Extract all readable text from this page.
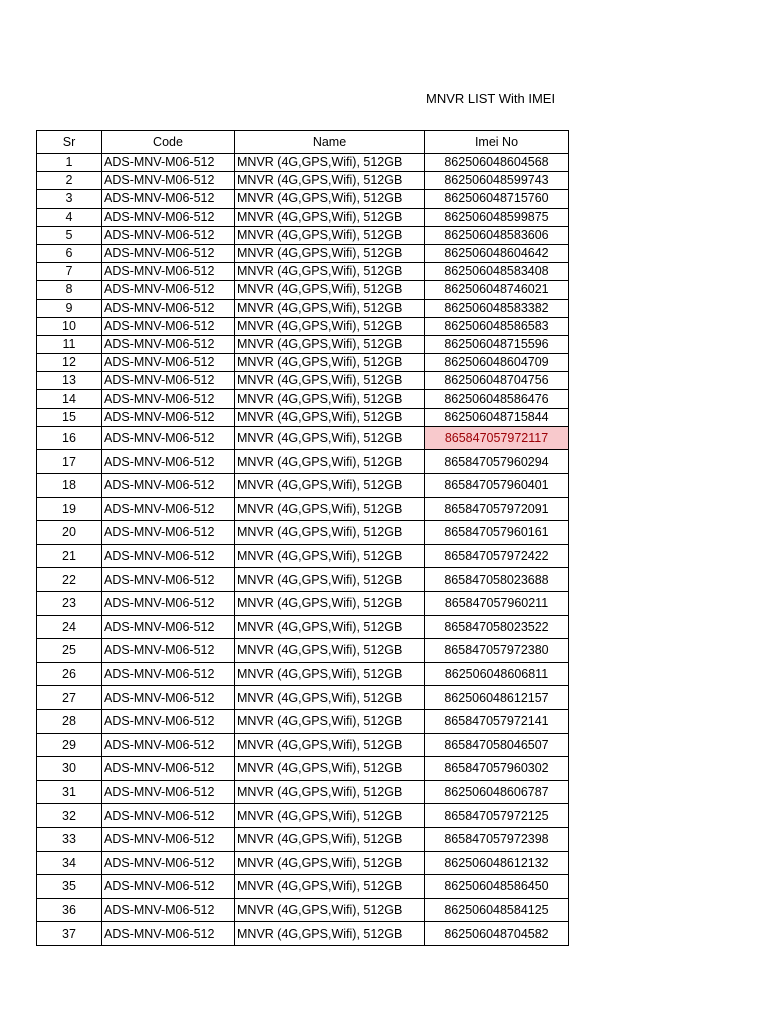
MNVR LIST With IMEI
Sr	Code	Name	Imei No
1	ADS-MNV-M06-512	MNVR (4G,GPS,Wifi), 512GB	862506048604568
2	ADS-MNV-M06-512	MNVR (4G,GPS,Wifi), 512GB	862506048599743
3	ADS-MNV-M06-512	MNVR (4G,GPS,Wifi), 512GB	862506048715760
4	ADS-MNV-M06-512	MNVR (4G,GPS,Wifi), 512GB	862506048599875
5	ADS-MNV-M06-512	MNVR (4G,GPS,Wifi), 512GB	862506048583606
6	ADS-MNV-M06-512	MNVR (4G,GPS,Wifi), 512GB	862506048604642
7	ADS-MNV-M06-512	MNVR (4G,GPS,Wifi), 512GB	862506048583408
8	ADS-MNV-M06-512	MNVR (4G,GPS,Wifi), 512GB	862506048746021
9	ADS-MNV-M06-512	MNVR (4G,GPS,Wifi), 512GB	862506048583382
10	ADS-MNV-M06-512	MNVR (4G,GPS,Wifi), 512GB	862506048586583
11	ADS-MNV-M06-512	MNVR (4G,GPS,Wifi), 512GB	862506048715596
12	ADS-MNV-M06-512	MNVR (4G,GPS,Wifi), 512GB	862506048604709
13	ADS-MNV-M06-512	MNVR (4G,GPS,Wifi), 512GB	862506048704756
14	ADS-MNV-M06-512	MNVR (4G,GPS,Wifi), 512GB	862506048586476
15	ADS-MNV-M06-512	MNVR (4G,GPS,Wifi), 512GB	862506048715844
16	ADS-MNV-M06-512	MNVR (4G,GPS,Wifi), 512GB	865847057972117
17	ADS-MNV-M06-512	MNVR (4G,GPS,Wifi), 512GB	865847057960294
18	ADS-MNV-M06-512	MNVR (4G,GPS,Wifi), 512GB	865847057960401
19	ADS-MNV-M06-512	MNVR (4G,GPS,Wifi), 512GB	865847057972091
20	ADS-MNV-M06-512	MNVR (4G,GPS,Wifi), 512GB	865847057960161
21	ADS-MNV-M06-512	MNVR (4G,GPS,Wifi), 512GB	865847057972422
22	ADS-MNV-M06-512	MNVR (4G,GPS,Wifi), 512GB	865847058023688
23	ADS-MNV-M06-512	MNVR (4G,GPS,Wifi), 512GB	865847057960211
24	ADS-MNV-M06-512	MNVR (4G,GPS,Wifi), 512GB	865847058023522
25	ADS-MNV-M06-512	MNVR (4G,GPS,Wifi), 512GB	865847057972380
26	ADS-MNV-M06-512	MNVR (4G,GPS,Wifi), 512GB	862506048606811
27	ADS-MNV-M06-512	MNVR (4G,GPS,Wifi), 512GB	862506048612157
28	ADS-MNV-M06-512	MNVR (4G,GPS,Wifi), 512GB	865847057972141
29	ADS-MNV-M06-512	MNVR (4G,GPS,Wifi), 512GB	865847058046507
30	ADS-MNV-M06-512	MNVR (4G,GPS,Wifi), 512GB	865847057960302
31	ADS-MNV-M06-512	MNVR (4G,GPS,Wifi), 512GB	862506048606787
32	ADS-MNV-M06-512	MNVR (4G,GPS,Wifi), 512GB	865847057972125
33	ADS-MNV-M06-512	MNVR (4G,GPS,Wifi), 512GB	865847057972398
34	ADS-MNV-M06-512	MNVR (4G,GPS,Wifi), 512GB	862506048612132
35	ADS-MNV-M06-512	MNVR (4G,GPS,Wifi), 512GB	862506048586450
36	ADS-MNV-M06-512	MNVR (4G,GPS,Wifi), 512GB	862506048584125
37	ADS-MNV-M06-512	MNVR (4G,GPS,Wifi), 512GB	862506048704582
